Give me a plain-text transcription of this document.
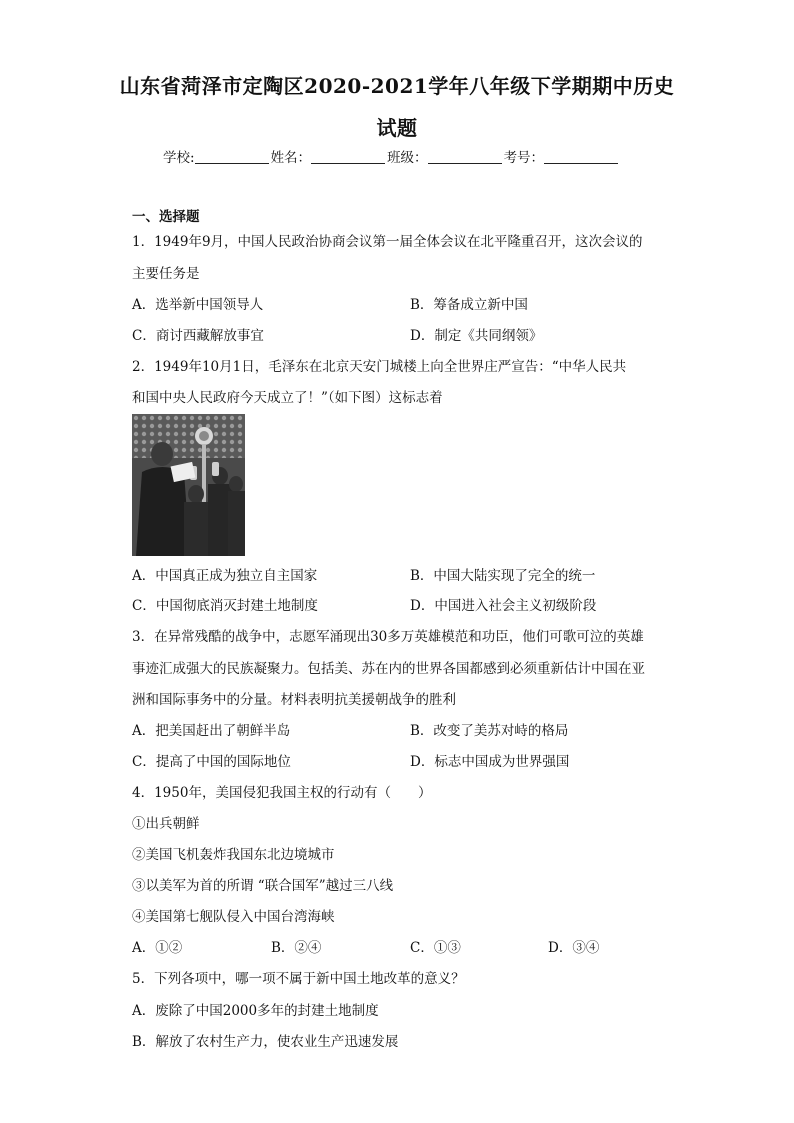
山东省菏泽市定陶区2020-2021学年八年级下学期期中历史
试题
学校:	姓名：	班级：	考号：
一、选择题
1．1949年9月，中国人民政治协商会议第一届全体会议在北平隆重召开，这次会议的
主要任务是
A．选举新中国领导人	B．筹备成立新中国
C．商讨西藏解放事宜	D．制定《共同纲领》
2．1949年10月1日，毛泽东在北京天安门城楼上向全世界庄严宣告：“中华人民共
和国中央人民政府今天成立了！”（如下图）这标志着
A．中国真正成为独立自主国家	B．中国大陆实现了完全的统一
C．中国彻底消灭封建土地制度	D．中国进入社会主义初级阶段
3．在异常残酷的战争中，志愿军涌现出30多万英雄模范和功臣，他们可歌可泣的英雄
事迹汇成强大的民族凝聚力。包括美、苏在内的世界各国都感到必须重新估计中国在亚
洲和国际事务中的分量。材料表明抗美援朝战争的胜利
A．把美国赶出了朝鲜半岛	B．改变了美苏对峙的格局
C．提高了中国的国际地位	D．标志中国成为世界强国
4．1950年，美国侵犯我国主权的行动有（　　）
①出兵朝鲜
②美国飞机轰炸我国东北边境城市
③以美军为首的所谓 “联合国军”越过三八线
④美国第七舰队侵入中国台湾海峡
A．①②	B．②④	C．①③	D．③④
5．下列各项中，哪一项不属于新中国土地改革的意义？
A．废除了中国2000多年的封建土地制度
B．解放了农村生产力，使农业生产迅速发展
